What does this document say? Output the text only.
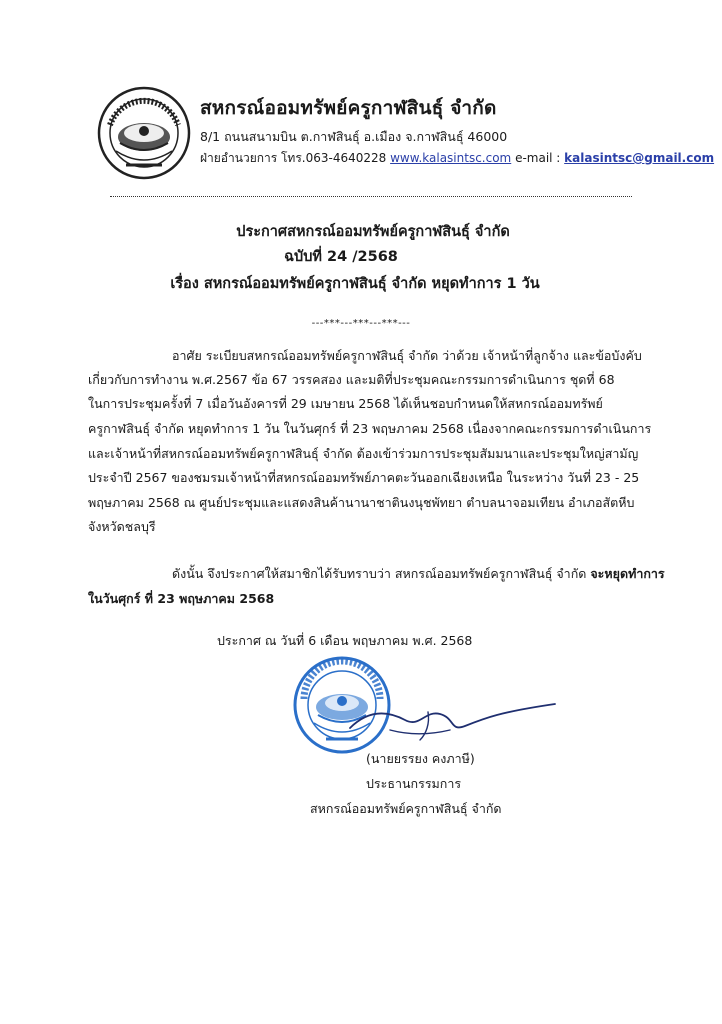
สหกรณ์ออมทรัพย์ครูกาฬสินธุ์ จำกัด
8/1 ถนนสนามบิน ต.กาฬสินธุ์ อ.เมือง จ.กาฬสินธุ์ 46000
ฝ่ายอำนวยการ โทร.063-4640228 www.kalasintsc.com e-mail : kalasintsc@gmail.com
ประกาศสหกรณ์ออมทรัพย์ครูกาฬสินธุ์ จำกัด
ฉบับที่ 24 /2568
เรื่อง สหกรณ์ออมทรัพย์ครูกาฬสินธุ์ จำกัด หยุดทำการ 1 วัน
---***---***---***---
อาศัย ระเบียบสหกรณ์ออมทรัพย์ครูกาฬสินธุ์ จำกัด ว่าด้วย เจ้าหน้าที่ลูกจ้าง และข้อบังคับ
เกี่ยวกับการทำงาน พ.ศ.2567 ข้อ 67 วรรคสอง และมติที่ประชุมคณะกรรมการดำเนินการ ชุดที่ 68
ในการประชุมครั้งที่ 7 เมื่อวันอังคารที่ 29 เมษายน 2568 ได้เห็นชอบกำหนดให้สหกรณ์ออมทรัพย์
ครูกาฬสินธุ์ จำกัด หยุดทำการ 1 วัน ในวันศุกร์ ที่ 23 พฤษภาคม 2568 เนื่องจากคณะกรรมการดำเนินการ
และเจ้าหน้าที่สหกรณ์ออมทรัพย์ครูกาฬสินธุ์ จำกัด ต้องเข้าร่วมการประชุมสัมมนาและประชุมใหญ่สามัญ
ประจำปี 2567 ของชมรมเจ้าหน้าที่สหกรณ์ออมทรัพย์ภาคตะวันออกเฉียงเหนือ ในระหว่าง วันที่ 23 - 25
พฤษภาคม 2568 ณ ศูนย์ประชุมและแสดงสินค้านานาชาตินงนุชพัทยา ตำบลนาจอมเทียน อำเภอสัตหีบ
จังหวัดชลบุรี
ดังนั้น จึงประกาศให้สมาชิกได้รับทราบว่า สหกรณ์ออมทรัพย์ครูกาฬสินธุ์ จำกัด จะหยุดทำการ
ในวันศุกร์ ที่ 23 พฤษภาคม 2568
ประกาศ ณ วันที่ 6 เดือน พฤษภาคม พ.ศ. 2568
(นายยรรยง คงภาษี)
ประธานกรรมการ
สหกรณ์ออมทรัพย์ครูกาฬสินธุ์ จำกัด
